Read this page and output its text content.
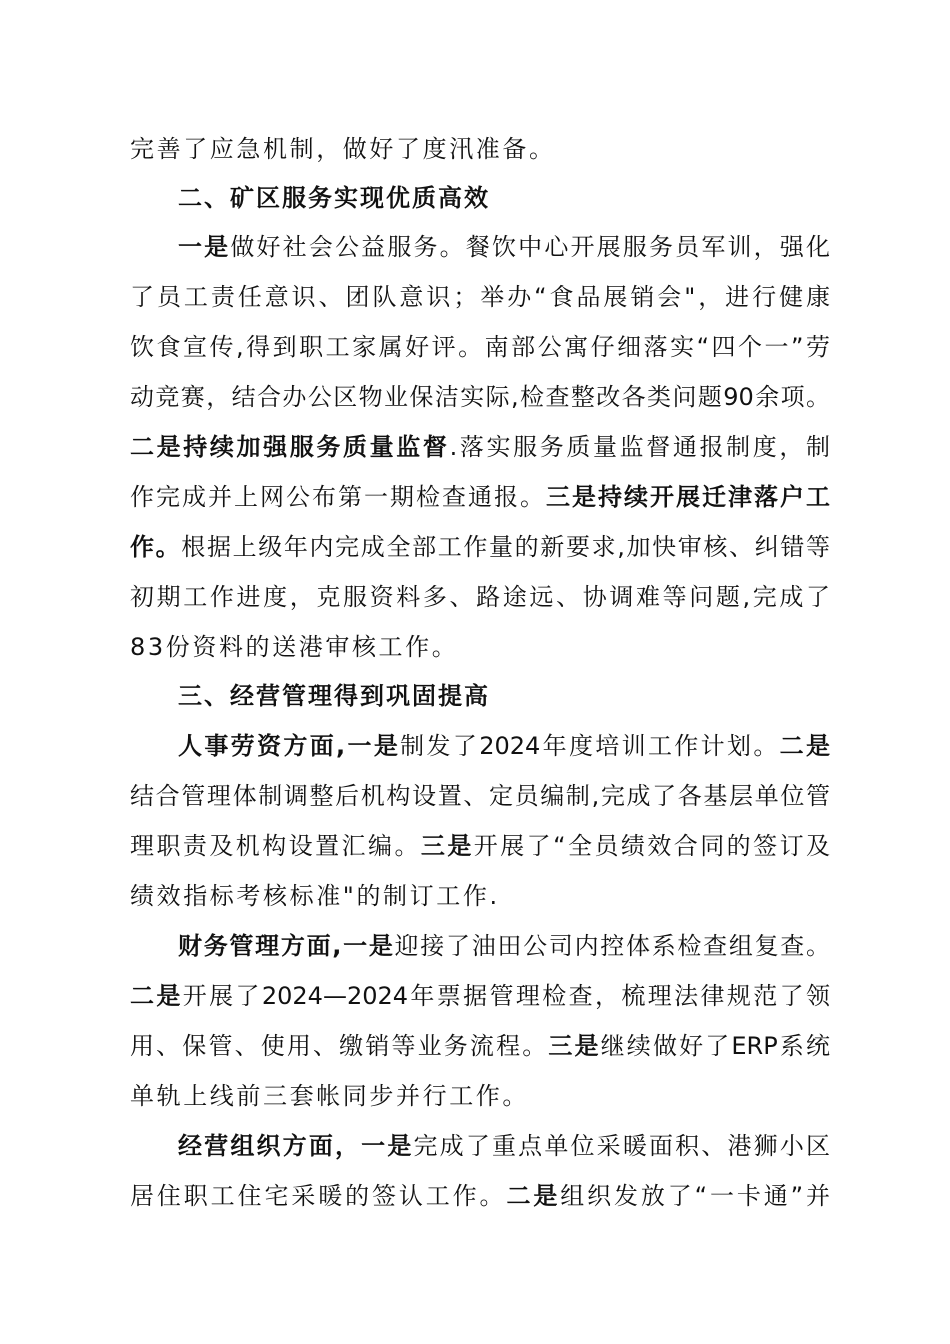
完善了应急机制，做好了度汛准备。
二、矿区服务实现优质高效
一是做好社会公益服务。餐饮中心开展服务员军训，强化
了员工责任意识、团队意识；举办“食品展销会"，进行健康
饮食宣传,得到职工家属好评。南部公寓仔细落实“四个一”劳
动竞赛，结合办公区物业保洁实际,检查整改各类问题90余项。
二是持续加强服务质量监督.落实服务质量监督通报制度，制
作完成并上网公布第一期检查通报。三是持续开展迁津落户工
作。根据上级年内完成全部工作量的新要求,加快审核、纠错等
初期工作进度，克服资料多、路途远、协调难等问题,完成了
83份资料的送港审核工作。
三、经营管理得到巩固提高
人事劳资方面,一是制发了2024年度培训工作计划。二是
结合管理体制调整后机构设置、定员编制,完成了各基层单位管
理职责及机构设置汇编。三是开展了“全员绩效合同的签订及
绩效指标考核标准"的制订工作.
财务管理方面,一是迎接了油田公司内控体系检查组复查。
二是开展了2024—2024年票据管理检查，梳理法律规范了领
用、保管、使用、缴销等业务流程。三是继续做好了ERP系统
单轨上线前三套帐同步并行工作。
经营组织方面，一是完成了重点单位采暖面积、港狮小区
居住职工住宅采暖的签认工作。二是组织发放了“一卡通”并
